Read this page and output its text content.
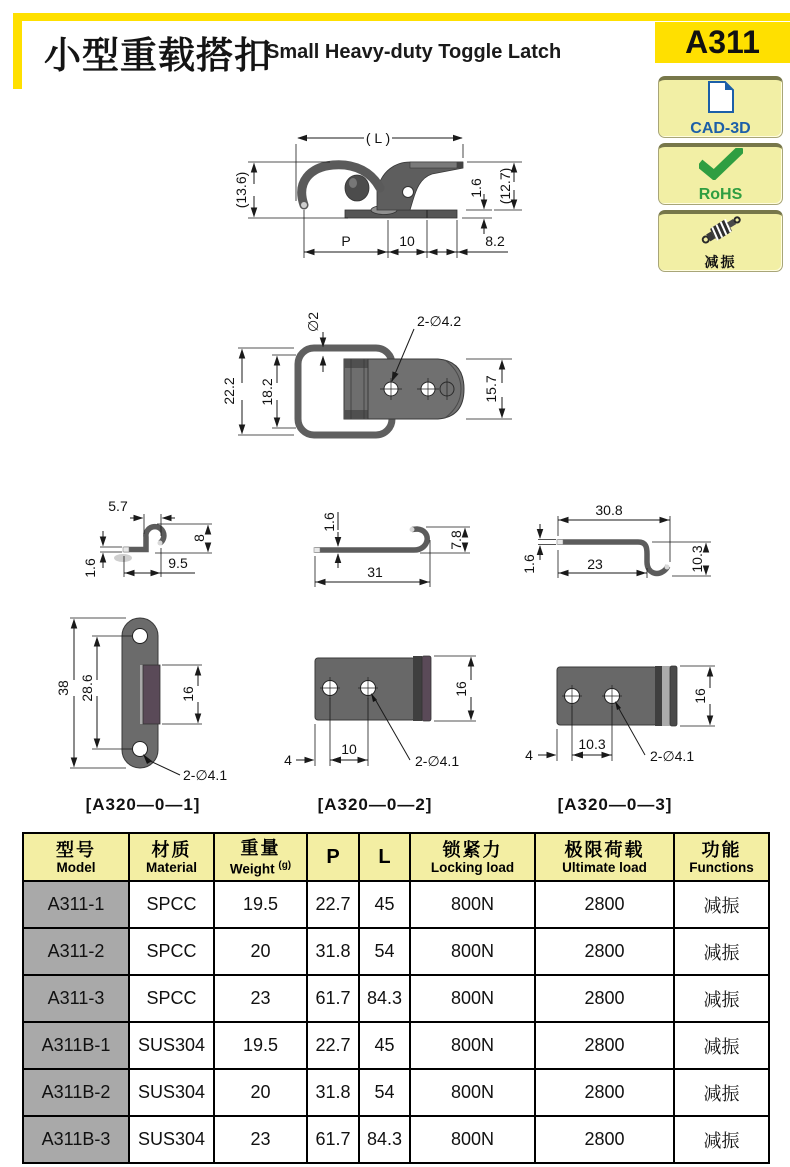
小型重载搭扣
Small Heavy-duty Toggle Latch	A311
CAD-3D
RoHS
减振
( L )
(13.6)	1.6 (12.7)
P	10	8.2
22.2 18.2
∅2	2-∅4.2
15.7
5.7
8
1.6	9.5
1.6
7.8
31
30.8
1.6	23	10.3
38 28.6	16
2-∅4.1
16
4
10
2-∅4.1
16
4
10.3
2-∅4.1
[A320—0—1]	[A320—0—2]	[A320—0—3]
型号
Model	材质
Material	重量
Weight $^{(g)}$	P	L	锁紧力
Locking load	极限荷载
Ultimate load	功能
Functions

A311-1	SPCC	19.5	22.7	45	800N	2800	减振
A311-2	SPCC	20	31.8	54	800N	2800	减振
A311-3	SPCC	23	61.7	84.3	800N	2800	减振
A311B-1	SUS304	19.5	22.7	45	800N	2800	减振
A311B-2	SUS304	20	31.8	54	800N	2800	减振
A311B-3	SUS304	23	61.7	84.3	800N	2800	减振
